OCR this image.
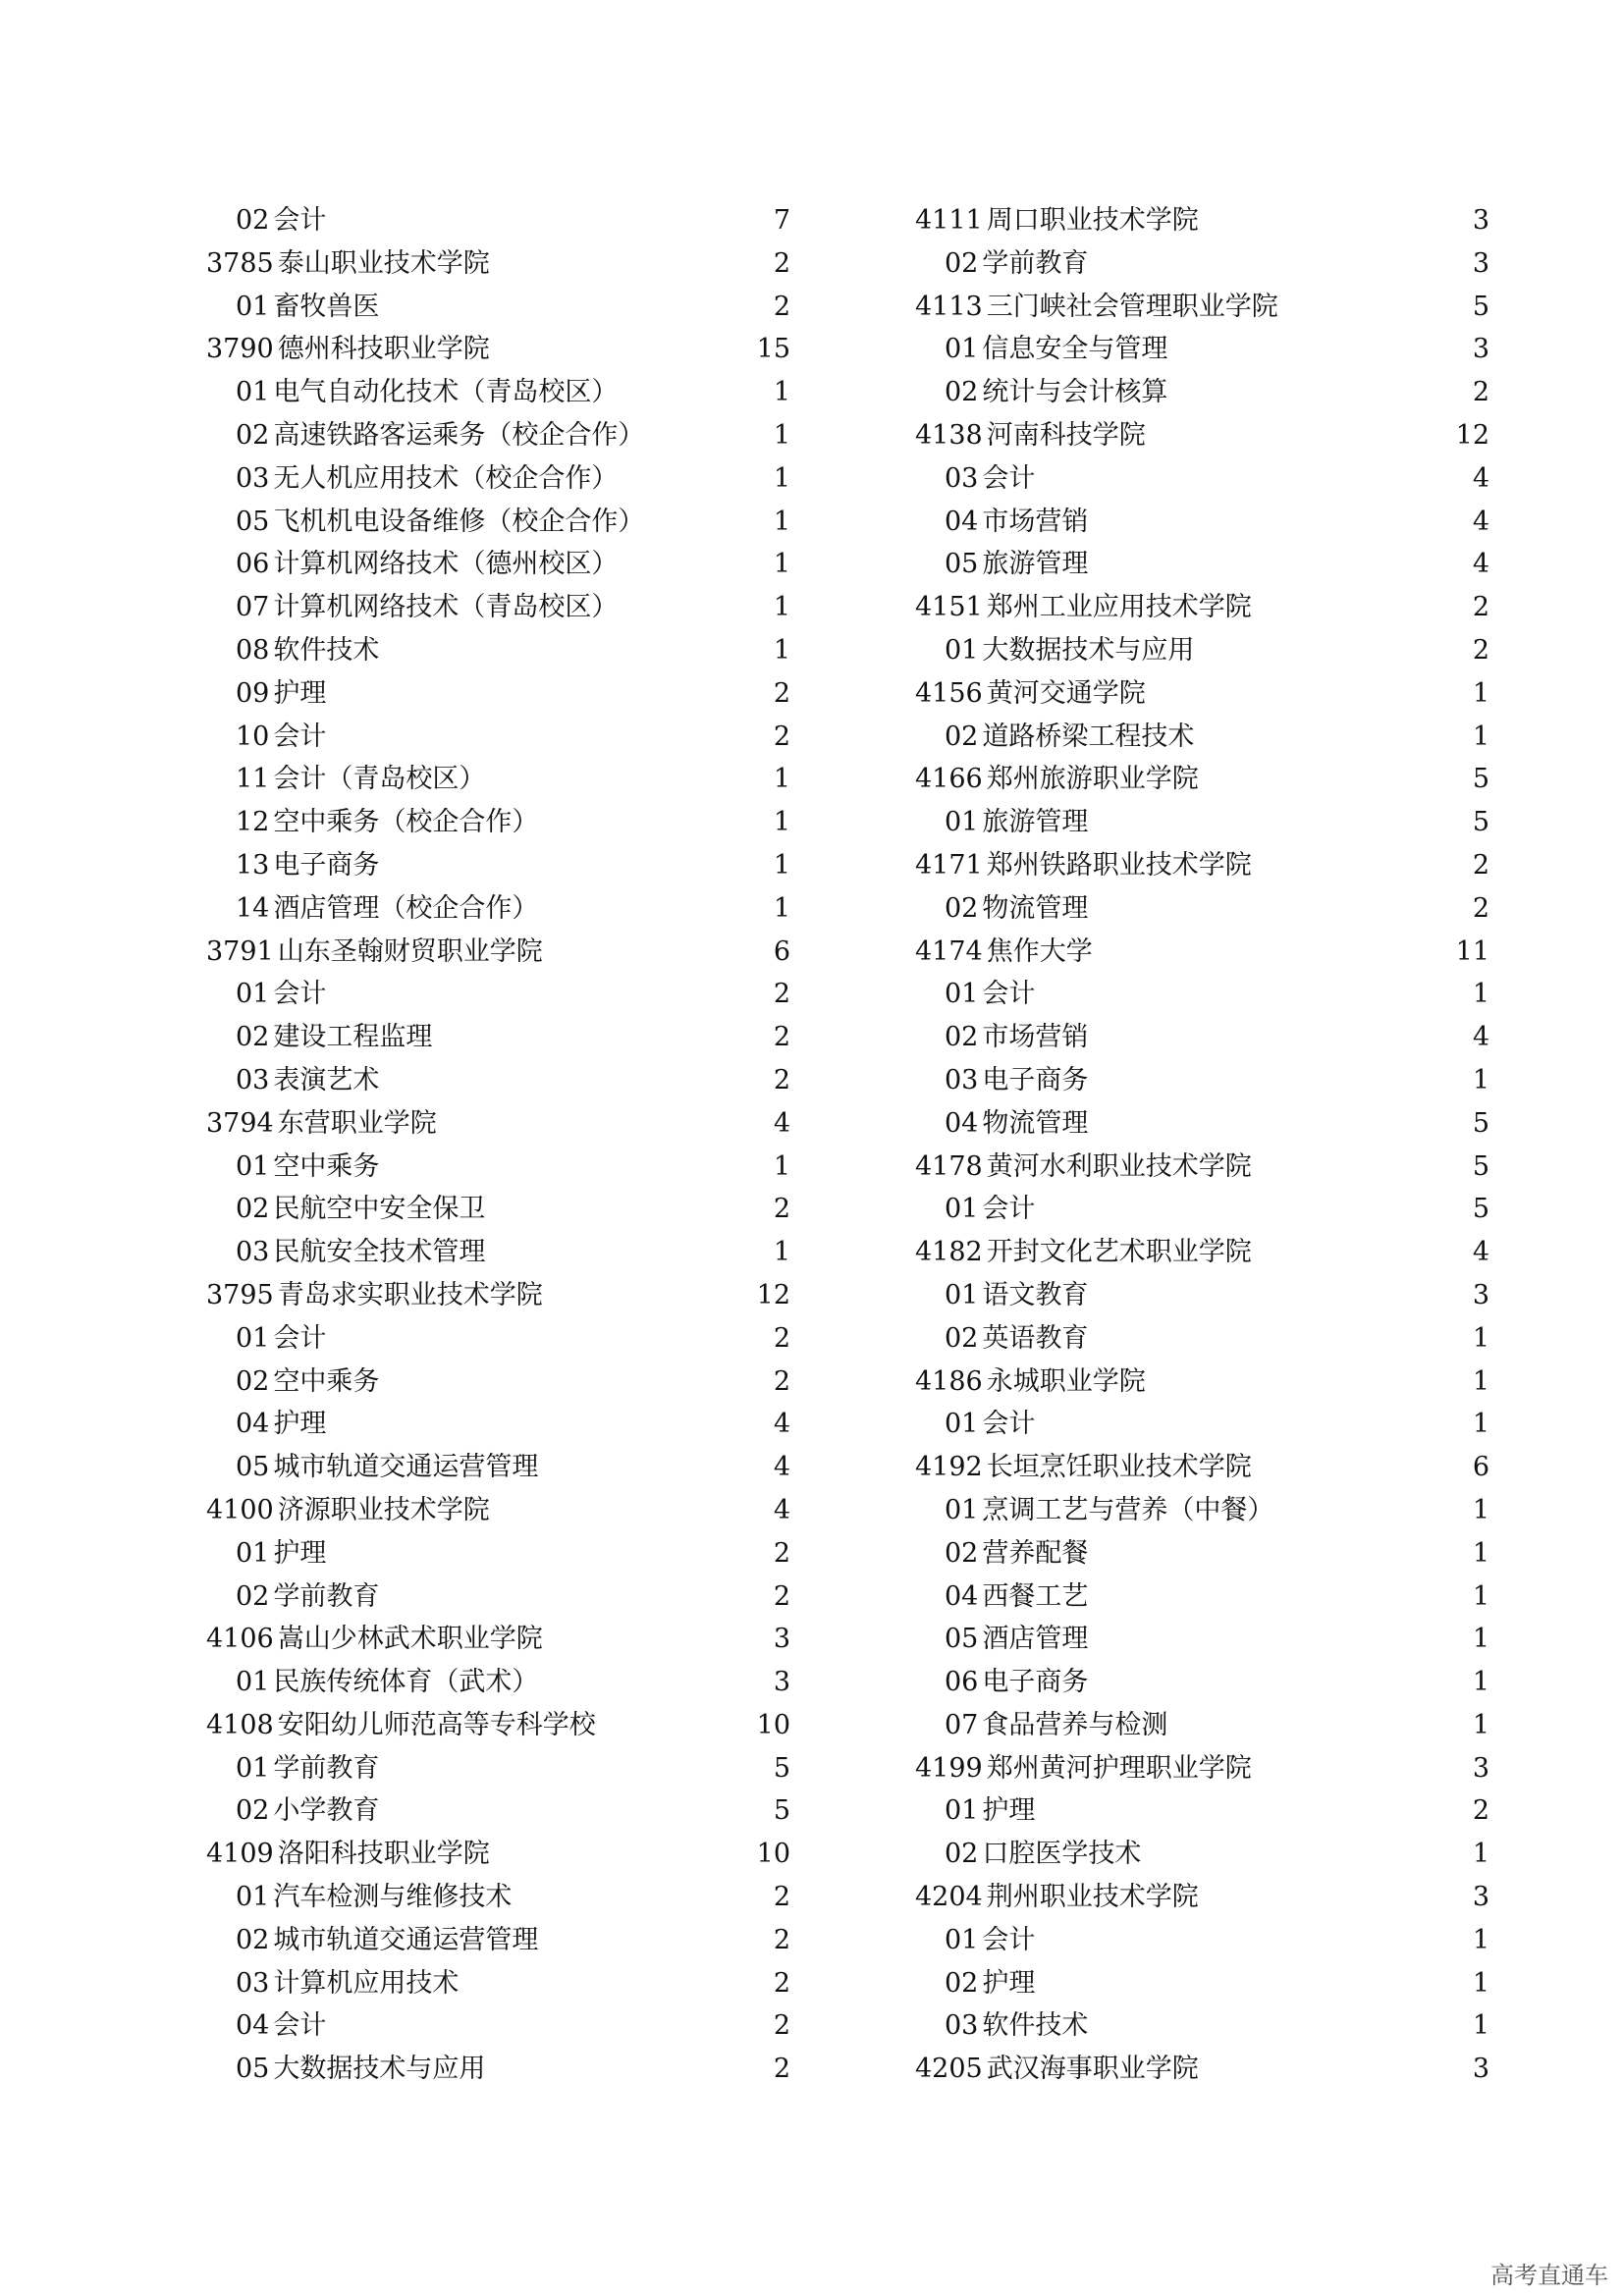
02 会计	7
3785 泰山职业技术学院	2
01 畜牧兽医	2
3790 德州科技职业学院	15
01 电气自动化技术（青岛校区）	1
02 高速铁路客运乘务（校企合作）	1
03 无人机应用技术（校企合作）	1
05 飞机机电设备维修（校企合作）	1
06 计算机网络技术（德州校区）	1
07 计算机网络技术（青岛校区）	1
08 软件技术	1
09 护理	2
10 会计	2
11 会计（青岛校区）	1
12 空中乘务（校企合作）	1
13 电子商务	1
14 酒店管理（校企合作）	1
3791 山东圣翰财贸职业学院	6
01 会计	2
02 建设工程监理	2
03 表演艺术	2
3794 东营职业学院	4
01 空中乘务	1
02 民航空中安全保卫	2
03 民航安全技术管理	1
3795 青岛求实职业技术学院	12
01 会计	2
02 空中乘务	2
04 护理	4
05 城市轨道交通运营管理	4
4100 济源职业技术学院	4
01 护理	2
02 学前教育	2
4106 嵩山少林武术职业学院	3
01 民族传统体育（武术）	3
4108 安阳幼儿师范高等专科学校	10
01 学前教育	5
02 小学教育	5
4109 洛阳科技职业学院	10
01 汽车检测与维修技术	2
02 城市轨道交通运营管理	2
03 计算机应用技术	2
04 会计	2
05 大数据技术与应用	2
4111 周口职业技术学院	3
02 学前教育	3
4113 三门峡社会管理职业学院	5
01 信息安全与管理	3
02 统计与会计核算	2
4138 河南科技学院	12
03 会计	4
04 市场营销	4
05 旅游管理	4
4151 郑州工业应用技术学院	2
01 大数据技术与应用	2
4156 黄河交通学院	1
02 道路桥梁工程技术	1
4166 郑州旅游职业学院	5
01 旅游管理	5
4171 郑州铁路职业技术学院	2
02 物流管理	2
4174 焦作大学	11
01 会计	1
02 市场营销	4
03 电子商务	1
04 物流管理	5
4178 黄河水利职业技术学院	5
01 会计	5
4182 开封文化艺术职业学院	4
01 语文教育	3
02 英语教育	1
4186 永城职业学院	1
01 会计	1
4192 长垣烹饪职业技术学院	6
01 烹调工艺与营养（中餐）	1
02 营养配餐	1
04 西餐工艺	1
05 酒店管理	1
06 电子商务	1
07 食品营养与检测	1
4199 郑州黄河护理职业学院	3
01 护理	2
02 口腔医学技术	1
4204 荆州职业技术学院	3
01 会计	1
02 护理	1
03 软件技术	1
4205 武汉海事职业学院	3
高考直通车
